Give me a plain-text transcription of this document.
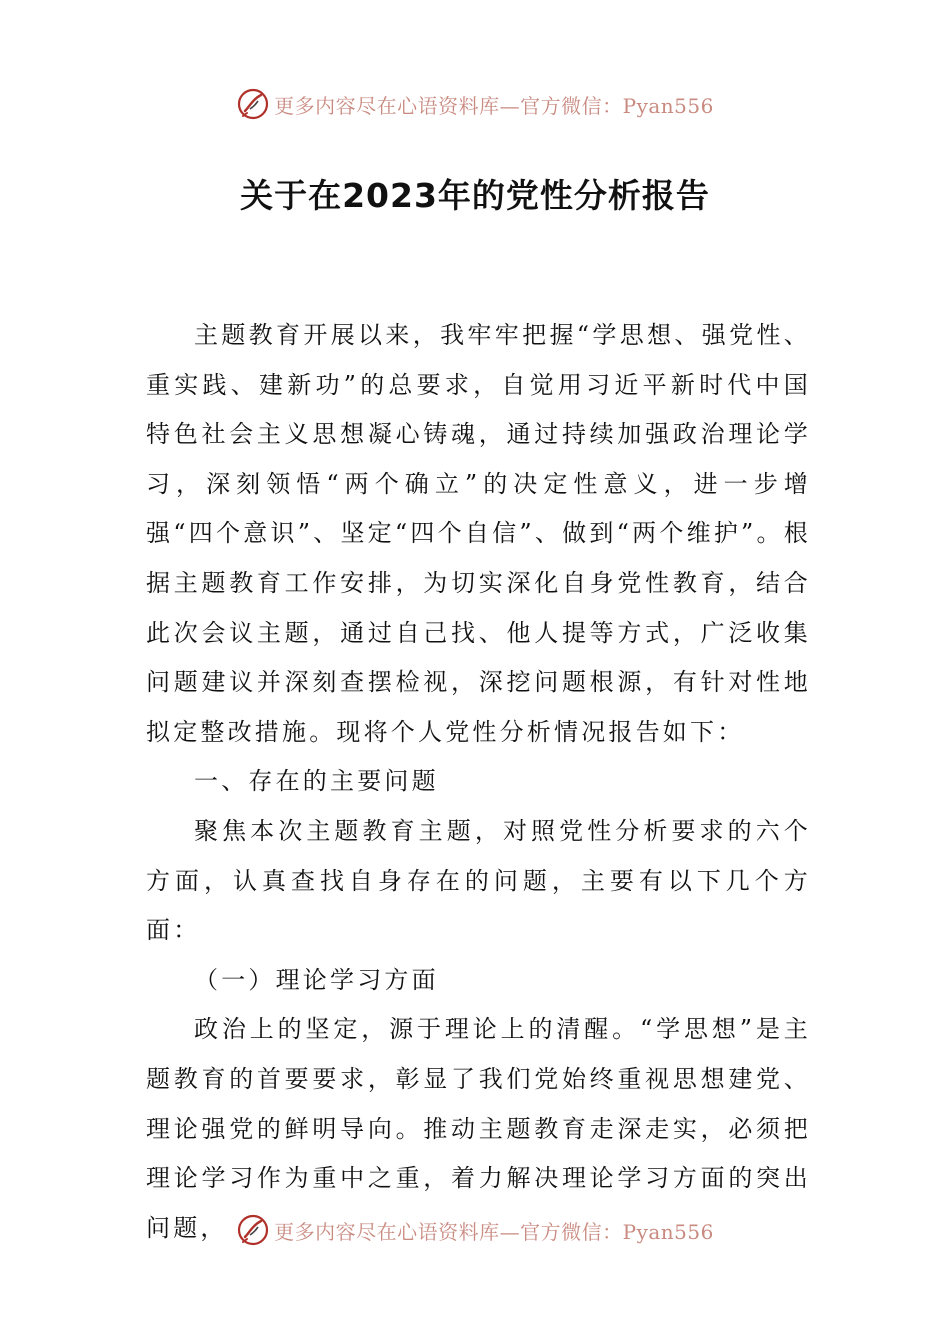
更多内容尽在心语资料库—官方微信：Pyan556
关于在2023年的党性分析报告

主题教育开展以来，我牢牢把握“学思想、强党性、重实践、建新功”的总要求，自觉用习近平新时代中国特色社会主义思想凝心铸魂，通过持续加强政治理论学习，深刻领悟“两个确立”的决定性意义，进一步增强“四个意识”、坚定“四个自信”、做到“两个维护”。根据主题教育工作安排，为切实深化自身党性教育，结合此次会议主题，通过自己找、他人提等方式，广泛收集问题建议并深刻查摆检视，深挖问题根源，有针对性地拟定整改措施。现将个人党性分析情况报告如下：

一、存在的主要问题

聚焦本次主题教育主题，对照党性分析要求的六个方面，认真查找自身存在的问题，主要有以下几个方面：

（一）理论学习方面

政治上的坚定，源于理论上的清醒。“学思想”是主题教育的首要要求，彰显了我们党始终重视思想建党、理论强党的鲜明导向。推动主题教育走深走实，必须把理论学习作为重中之重，着力解决理论学习方面的突出问题，	更多内容尽在心语资料库—官方微信：Pyan556
